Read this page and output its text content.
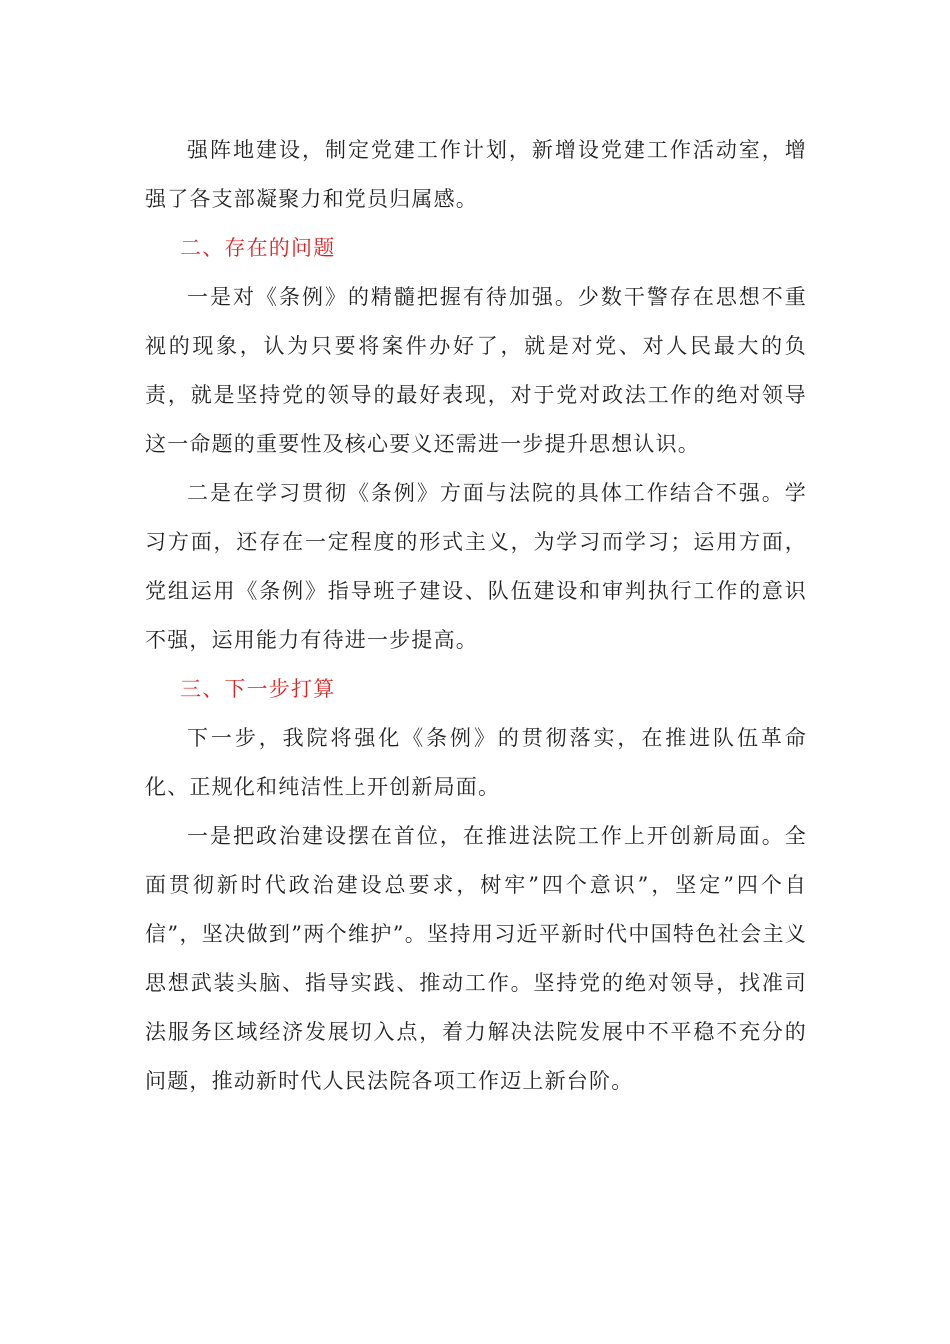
强阵地建设，制定党建工作计划，新增设党建工作活动室，增强了各支部凝聚力和党员归属感。

二、存在的问题

一是对《条例》的精髓把握有待加强。少数干警存在思想不重视的现象，认为只要将案件办好了，就是对党、对人民最大的负责，就是坚持党的领导的最好表现，对于党对政法工作的绝对领导这一命题的重要性及核心要义还需进一步提升思想认识。

二是在学习贯彻《条例》方面与法院的具体工作结合不强。学习方面，还存在一定程度的形式主义，为学习而学习；运用方面，党组运用《条例》指导班子建设、队伍建设和审判执行工作的意识不强，运用能力有待进一步提高。

三、下一步打算

下一步，我院将强化《条例》的贯彻落实，在推进队伍革命化、正规化和纯洁性上开创新局面。

一是把政治建设摆在首位，在推进法院工作上开创新局面。全面贯彻新时代政治建设总要求，树牢”四个意识”，坚定”四个自信”，坚决做到”两个维护”。坚持用习近平新时代中国特色社会主义思想武装头脑、指导实践、推动工作。坚持党的绝对领导，找准司法服务区域经济发展切入点，着力解决法院发展中不平稳不充分的问题，推动新时代人民法院各项工作迈上新台阶。
